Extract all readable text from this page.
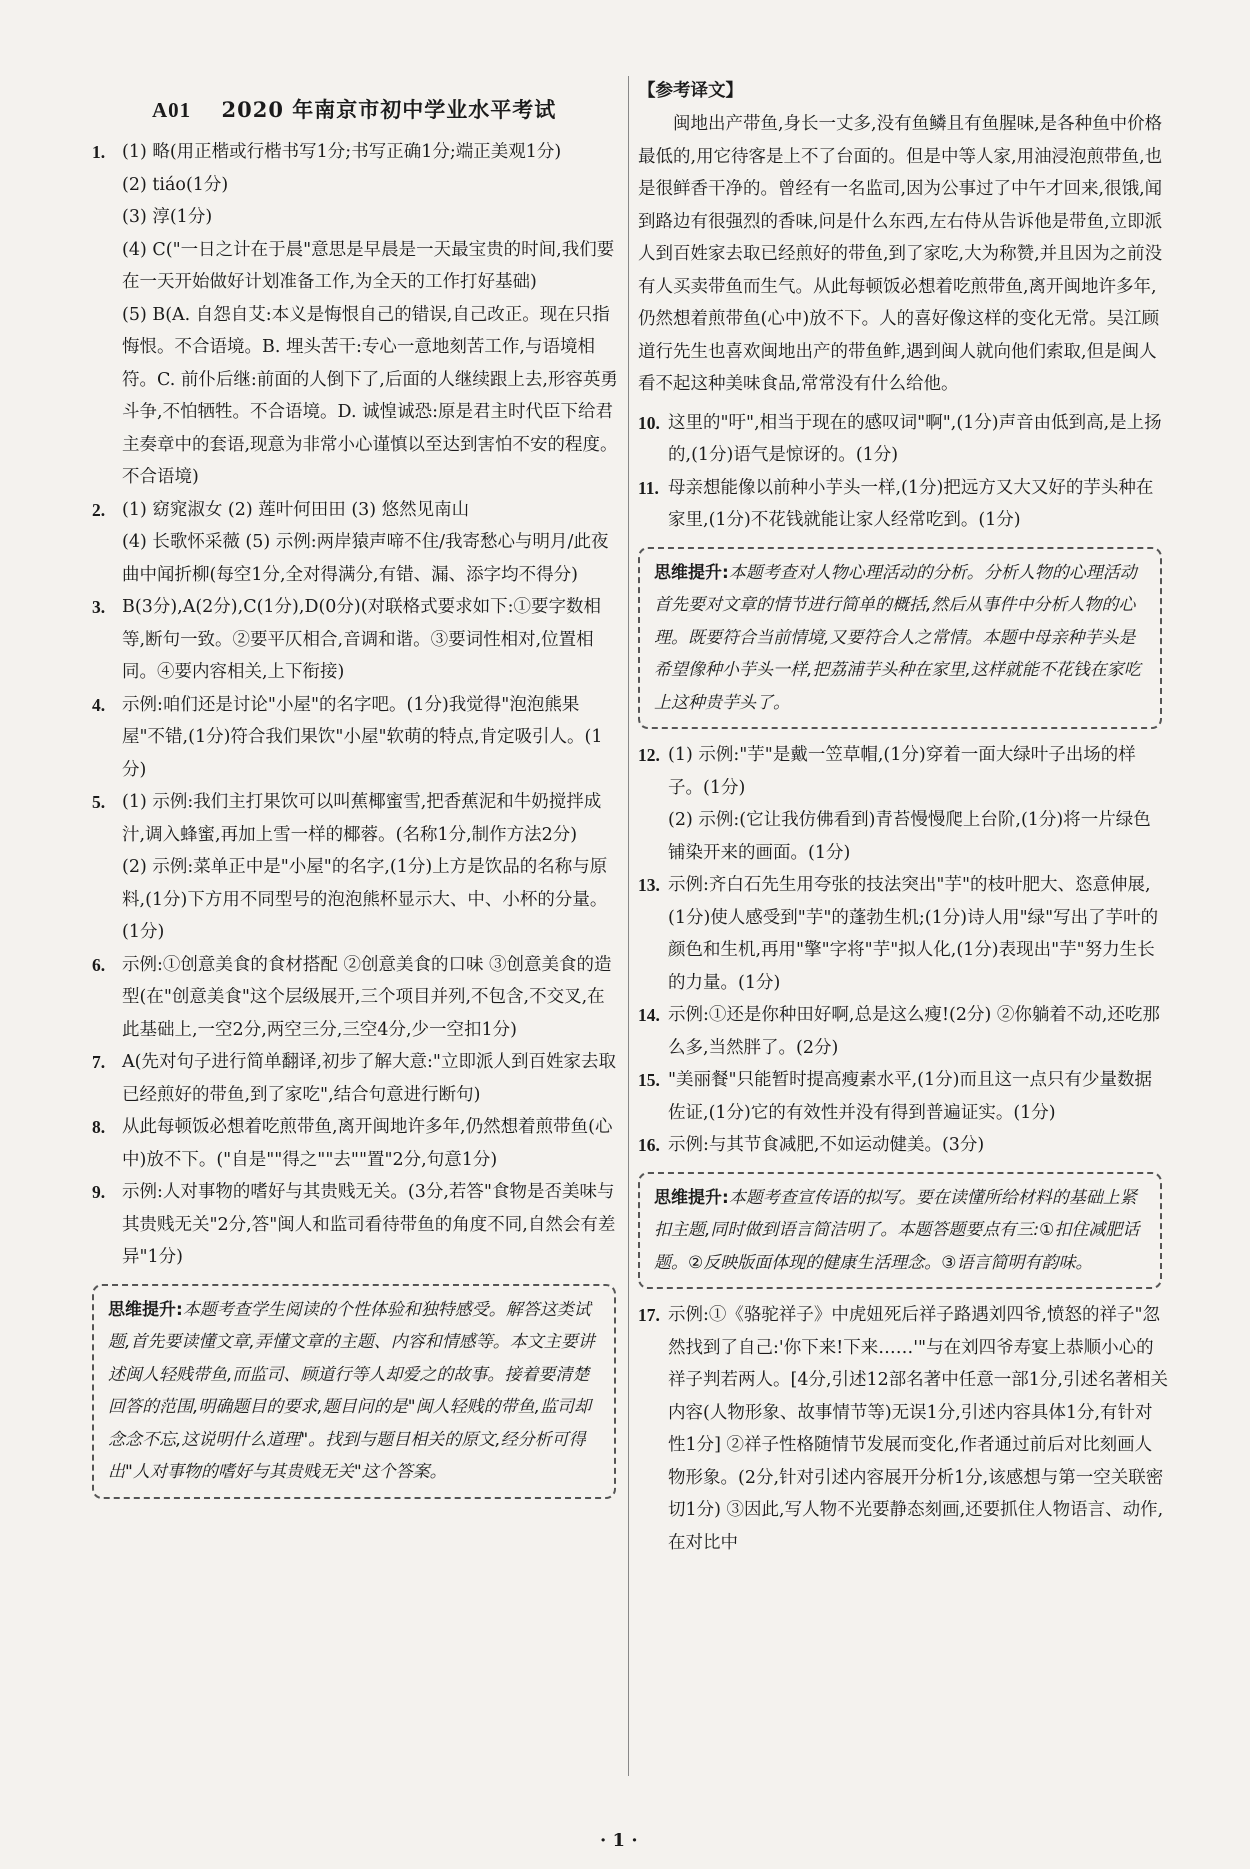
A01 2020 年南京市初中学业水平考试
1. (1) 略(用正楷或行楷书写1分;书写正确1分;端正美观1分)
(2) tiáo(1分)
(3) 淳(1分)
(4) C("一日之计在于晨"意思是早晨是一天最宝贵的时间,我们要在一天开始做好计划准备工作,为全天的工作打好基础)
(5) B(A. 自怨自艾:本义是悔恨自己的错误,自己改正。现在只指悔恨。不合语境。B. 埋头苦干:专心一意地刻苦工作,与语境相符。C. 前仆后继:前面的人倒下了,后面的人继续跟上去,形容英勇斗争,不怕牺牲。不合语境。D. 诚惶诚恐:原是君主时代臣下给君主奏章中的套语,现意为非常小心谨慎以至达到害怕不安的程度。不合语境)
2. (1) 窈窕淑女 (2) 莲叶何田田 (3) 悠然见南山
(4) 长歌怀采薇 (5) 示例:两岸猿声啼不住/我寄愁心与明月/此夜曲中闻折柳(每空1分,全对得满分,有错、漏、添字均不得分)
3. B(3分),A(2分),C(1分),D(0分)(对联格式要求如下:①要字数相等,断句一致。②要平仄相合,音调和谐。③要词性相对,位置相同。④要内容相关,上下衔接)
4. 示例:咱们还是讨论"小屋"的名字吧。(1分)我觉得"泡泡熊果屋"不错,(1分)符合我们果饮"小屋"软萌的特点,肯定吸引人。(1分)
5. (1) 示例:我们主打果饮可以叫蕉椰蜜雪,把香蕉泥和牛奶搅拌成汁,调入蜂蜜,再加上雪一样的椰蓉。(名称1分,制作方法2分)
(2) 示例:菜单正中是"小屋"的名字,(1分)上方是饮品的名称与原料,(1分)下方用不同型号的泡泡熊杯显示大、中、小杯的分量。(1分)
6. 示例:①创意美食的食材搭配 ②创意美食的口味 ③创意美食的造型(在"创意美食"这个层级展开,三个项目并列,不包含,不交叉,在此基础上,一空2分,两空三分,三空4分,少一空扣1分)
7. A(先对句子进行简单翻译,初步了解大意:"立即派人到百姓家去取已经煎好的带鱼,到了家吃",结合句意进行断句)
8. 从此每顿饭必想着吃煎带鱼,离开闽地许多年,仍然想着煎带鱼(心中)放不下。("自是""得之""去""置"2分,句意1分)
9. 示例:人对事物的嗜好与其贵贱无关。(3分,若答"食物是否美味与其贵贱无关"2分,答"闽人和监司看待带鱼的角度不同,自然会有差异"1分)
思维提升:本题考查学生阅读的个性体验和独特感受。解答这类试题,首先要读懂文章,弄懂文章的主题、内容和情感等。本文主要讲述闽人轻贱带鱼,而监司、顾道行等人却爱之的故事。接着要清楚回答的范围,明确题目的要求,题目问的是"闽人轻贱的带鱼,监司却念念不忘,这说明什么道理"。找到与题目相关的原文,经分析可得出"人对事物的嗜好与其贵贱无关"这个答案。
【参考译文】

闽地出产带鱼,身长一丈多,没有鱼鳞且有鱼腥味,是各种鱼中价格最低的,用它待客是上不了台面的。但是中等人家,用油浸泡煎带鱼,也是很鲜香干净的。曾经有一名监司,因为公事过了中午才回来,很饿,闻到路边有很强烈的香味,问是什么东西,左右侍从告诉他是带鱼,立即派人到百姓家去取已经煎好的带鱼,到了家吃,大为称赞,并且因为之前没有人买卖带鱼而生气。从此每顿饭必想着吃煎带鱼,离开闽地许多年,仍然想着煎带鱼(心中)放不下。人的喜好像这样的变化无常。吴江顾道行先生也喜欢闽地出产的带鱼鲊,遇到闽人就向他们索取,但是闽人看不起这种美味食品,常常没有什么给他。

10. 这里的"吁",相当于现在的感叹词"啊",(1分)声音由低到高,是上扬的,(1分)语气是惊讶的。(1分)
11. 母亲想能像以前种小芋头一样,(1分)把远方又大又好的芋头种在家里,(1分)不花钱就能让家人经常吃到。(1分)
思维提升:本题考查对人物心理活动的分析。分析人物的心理活动首先要对文章的情节进行简单的概括,然后从事件中分析人物的心理。既要符合当前情境,又要符合人之常情。本题中母亲种芋头是希望像种小芋头一样,把荔浦芋头种在家里,这样就能不花钱在家吃上这种贵芋头了。
12. (1) 示例:"芋"是戴一笠草帽,(1分)穿着一面大绿叶子出场的样子。(1分)
(2) 示例:(它让我仿佛看到)青苔慢慢爬上台阶,(1分)将一片绿色铺染开来的画面。(1分)
13. 示例:齐白石先生用夸张的技法突出"芋"的枝叶肥大、恣意伸展,(1分)使人感受到"芋"的蓬勃生机;(1分)诗人用"绿"写出了芋叶的颜色和生机,再用"擎"字将"芋"拟人化,(1分)表现出"芋"努力生长的力量。(1分)
14. 示例:①还是你种田好啊,总是这么瘦!(2分) ②你躺着不动,还吃那么多,当然胖了。(2分)
15. "美丽餐"只能暂时提高瘦素水平,(1分)而且这一点只有少量数据佐证,(1分)它的有效性并没有得到普遍证实。(1分)
16. 示例:与其节食减肥,不如运动健美。(3分)
思维提升:本题考查宣传语的拟写。要在读懂所给材料的基础上紧扣主题,同时做到语言简洁明了。本题答题要点有三:①扣住减肥话题。②反映版面体现的健康生活理念。③语言简明有韵味。
17. 示例:①《骆驼祥子》中虎妞死后祥子路遇刘四爷,愤怒的祥子"忽然找到了自己:'你下来!下来……'"与在刘四爷寿宴上恭顺小心的祥子判若两人。[4分,引述12部名著中任意一部1分,引述名著相关内容(人物形象、故事情节等)无误1分,引述内容具体1分,有针对性1分] ②祥子性格随情节发展而变化,作者通过前后对比刻画人物形象。(2分,针对引述内容展开分析1分,该感想与第一空关联密切1分) ③因此,写人物不光要静态刻画,还要抓住人物语言、动作,在对比中
· 1 ·
